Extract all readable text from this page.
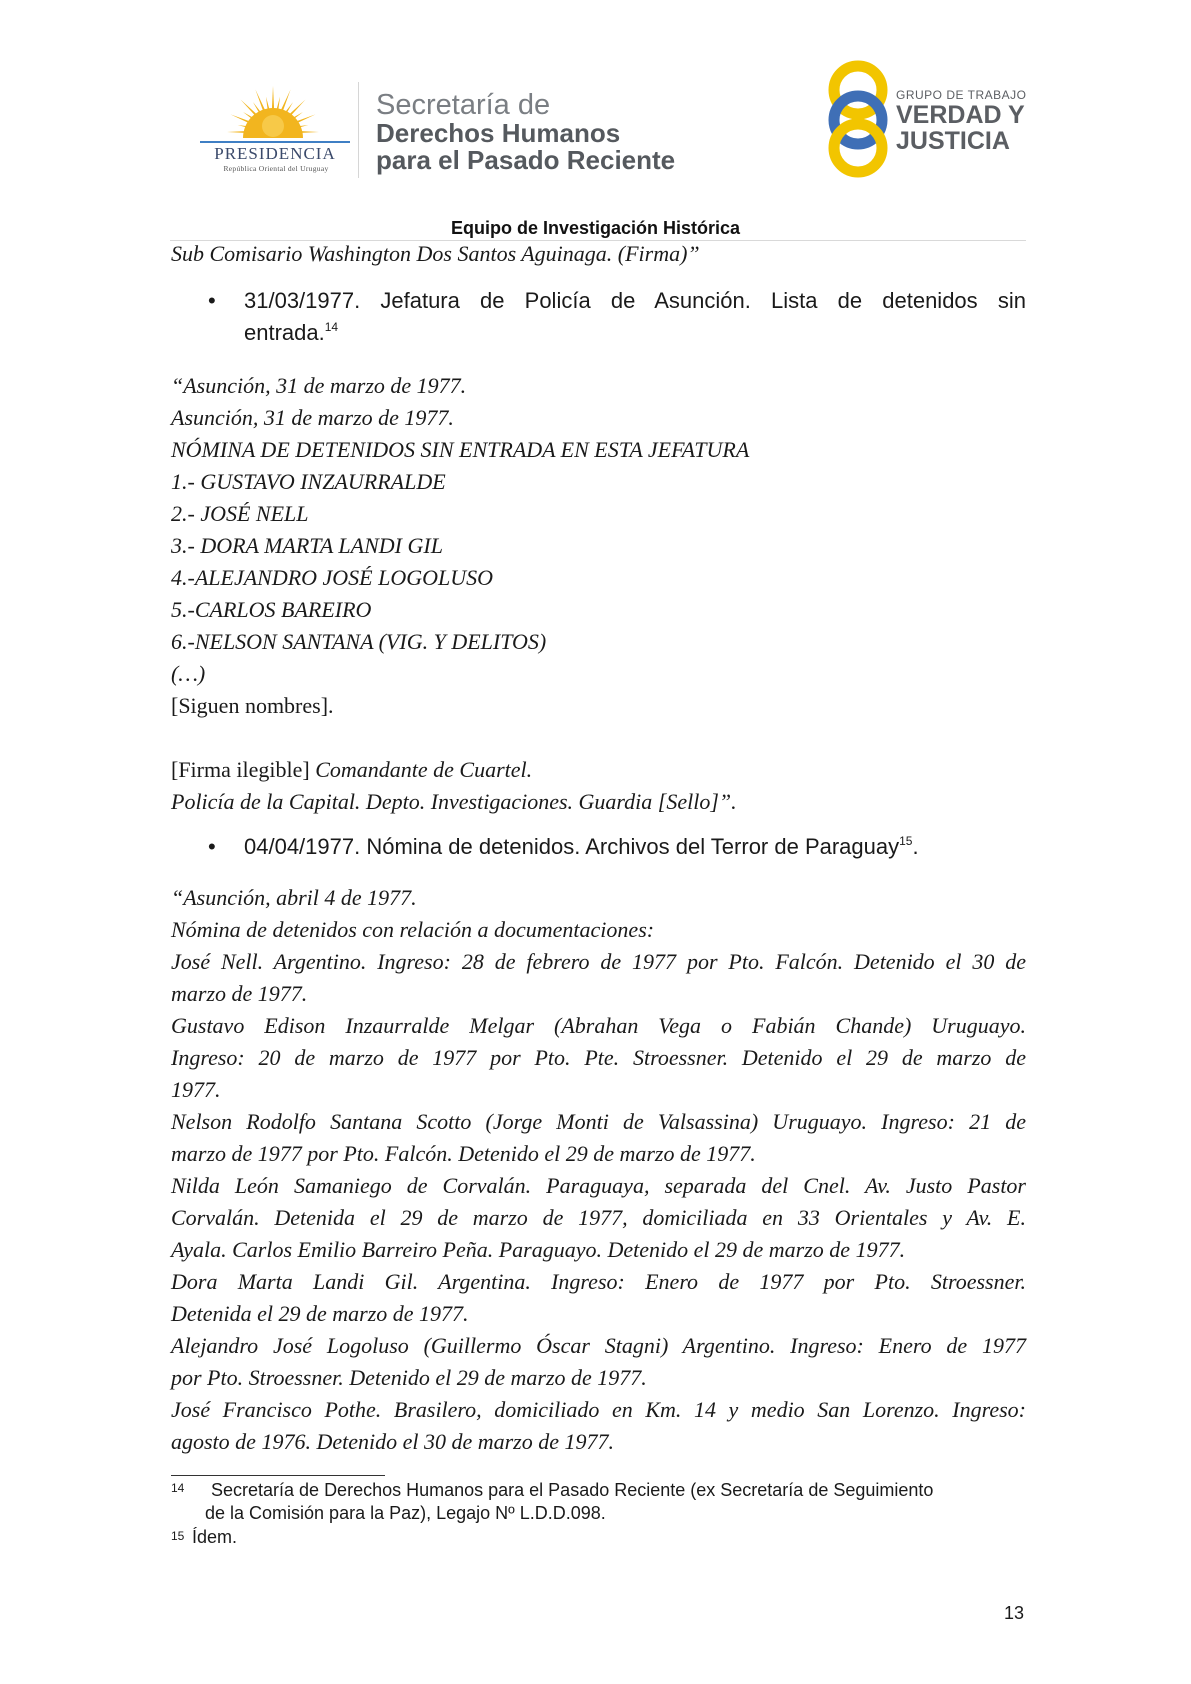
PRESIDENCIA
República Oriental del Uruguay
Secretaría de
Derechos Humanos
para el Pasado Reciente
GRUPO DE TRABAJO
VERDAD Y
JUSTICIA
Equipo de Investigación Histórica
Sub Comisario Washington Dos Santos Aguinaga. (Firma)”
• 31/03/1977. Jefatura de Policía de Asunción. Lista de detenidos sin
entrada.$^{14}$
“Asunción, 31 de marzo de 1977.
Asunción, 31 de marzo de 1977.
NÓMINA DE DETENIDOS SIN ENTRADA EN ESTA JEFATURA
1.- GUSTAVO INZAURRALDE
2.- JOSÉ NELL
3.- DORA MARTA LANDI GIL
4.-ALEJANDRO JOSÉ LOGOLUSO
5.-CARLOS BAREIRO
6.-NELSON SANTANA (VIG. Y DELITOS)
(…)
[Siguen nombres].
[Firma ilegible] Comandante de Cuartel.
Policía de la Capital. Depto. Investigaciones. Guardia [Sello]”.
• 04/04/1977. Nómina de detenidos. Archivos del Terror de Paraguay$^{15}$.
“Asunción, abril 4 de 1977.
Nómina de detenidos con relación a documentaciones:
José Nell. Argentino. Ingreso: 28 de febrero de 1977 por Pto. Falcón. Detenido el 30 de
marzo de 1977.
Gustavo Edison Inzaurralde Melgar (Abrahan Vega o Fabián Chande) Uruguayo.
Ingreso: 20 de marzo de 1977 por Pto. Pte. Stroessner. Detenido el 29 de marzo de
1977.
Nelson Rodolfo Santana Scotto (Jorge Monti de Valsassina) Uruguayo. Ingreso: 21 de
marzo de 1977 por Pto. Falcón. Detenido el 29 de marzo de 1977.
Nilda León Samaniego de Corvalán. Paraguaya, separada del Cnel. Av. Justo Pastor
Corvalán. Detenida el 29 de marzo de 1977, domiciliada en 33 Orientales y Av. E.
Ayala. Carlos Emilio Barreiro Peña. Paraguayo. Detenido el 29 de marzo de 1977.
Dora Marta Landi Gil. Argentina. Ingreso: Enero de 1977 por Pto. Stroessner.
Detenida el 29 de marzo de 1977.
Alejandro José Logoluso (Guillermo Óscar Stagni) Argentino. Ingreso: Enero de 1977
por Pto. Stroessner. Detenido el 29 de marzo de 1977.
José Francisco Pothe. Brasilero, domiciliado en Km. 14 y medio San Lorenzo. Ingreso:
agosto de 1976. Detenido el 30 de marzo de 1977.
14 Secretaría de Derechos Humanos para el Pasado Reciente (ex Secretaría de Seguimiento
de la Comisión para la Paz), Legajo Nº L.D.D.098.
15 Ídem.
13
